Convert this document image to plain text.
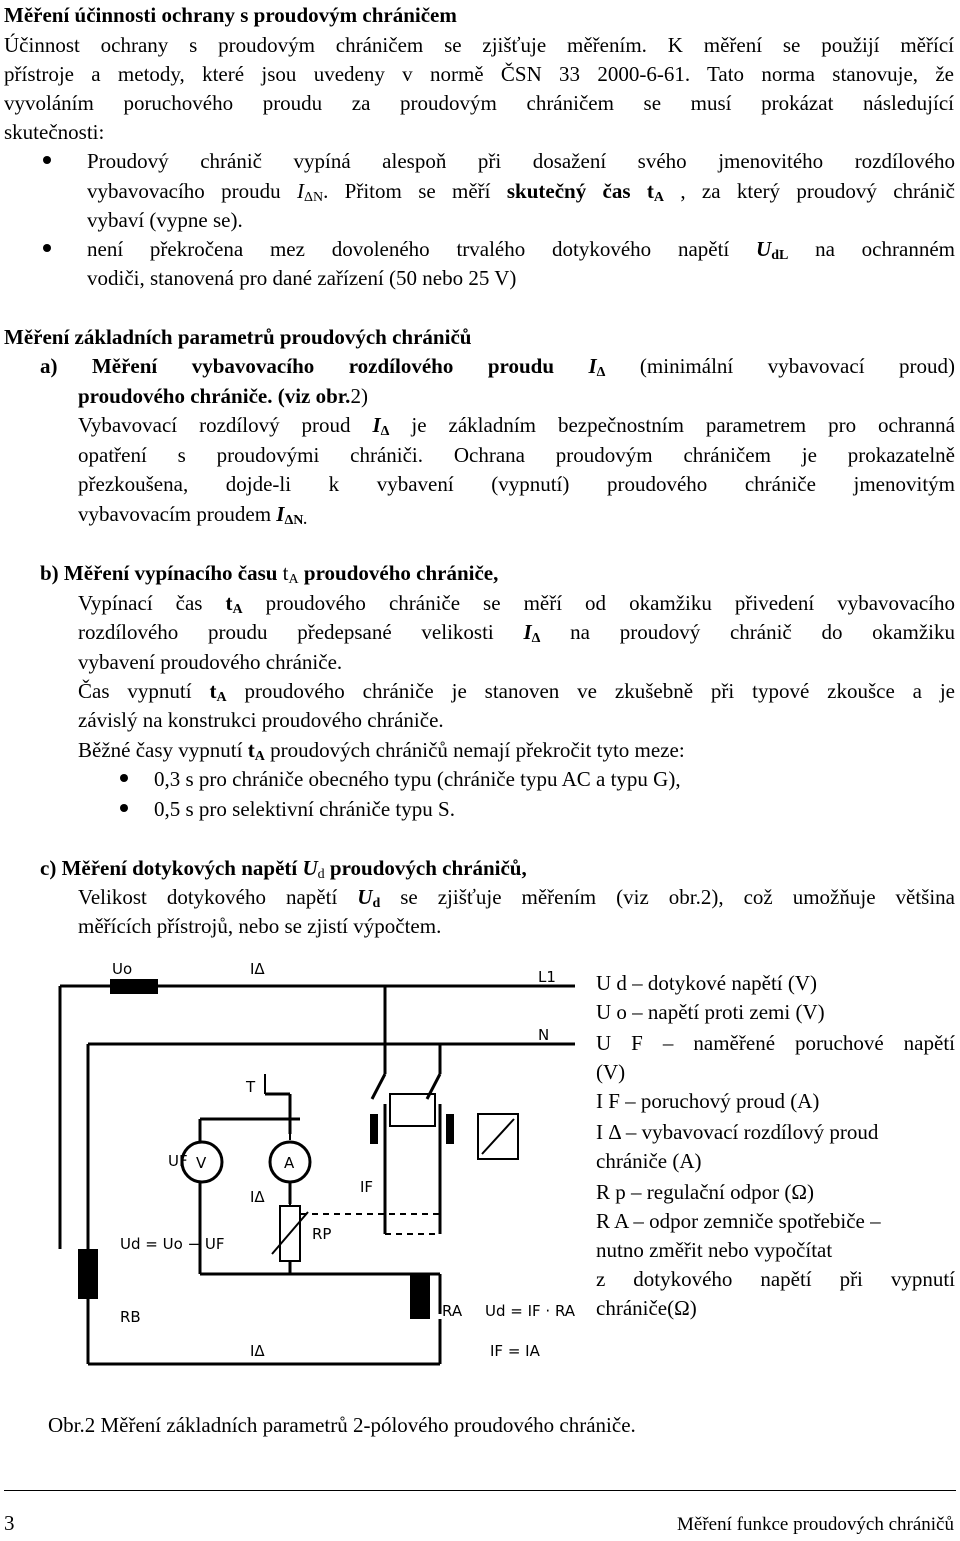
Měření účinnosti ochrany s proudovým chráničem
Účinnost ochrany s proudovým chráničem se zjišťuje měřením. K měření se použijí měřící
přístroje a metody, které jsou uvedeny v normě ČSN 33 2000-6-61. Tato norma stanovuje, že
vyvoláním poruchového proudu za proudovým chráničem se musí prokázat následující
skutečnosti:
Proudový chránič vypíná alespoň při dosažení svého jmenovitého rozdílového
vybavovacího proudu $I_{\Delta N}$. Přitom se měří skutečný čas $t_A$ , za který proudový chránič
vybaví (vypne se).
není překročena mez dovoleného trvalého dotykového napětí $U_{dL}$ na ochranném
vodiči, stanovená pro dané zařízení (50 nebo 25 V)
Měření základních parametrů proudových chráničů
a) Měření vybavovacího rozdílového proudu $I_\Delta$ (minimální vybavovací proud)
proudového chrániče. (viz obr.2)
Vybavovací rozdílový proud $I_\Delta$ je základním bezpečnostním parametrem pro ochranná
opatření s proudovými chrániči. Ochrana proudovým chráničem je prokazatelně
přezkoušena, dojde-li k vybavení (vypnutí) proudového chrániče jmenovitým
vybavovacím proudem $I_{\Delta N.}$
b) Měření vypínacího času $t_A$ proudového chrániče,
Vypínací čas $t_A$ proudového chrániče se měří od okamžiku přivedení vybavovacího
rozdílového proudu předepsané velikosti $I_\Delta$ na proudový chránič do okamžiku
vybavení proudového chrániče.
Čas vypnutí $t_A$ proudového chrániče je stanoven ve zkušebně při typové zkoušce a je
závislý na konstrukci proudového chrániče.
Běžné časy vypnutí $t_A$ proudových chráničů nemají překročit tyto meze:
0,3 s pro chrániče obecného typu (chrániče typu AC a typu G),
0,5 s pro selektivní chrániče typu S.
c) Měření dotykových napětí $U_d$ proudových chráničů,
Velikost dotykového napětí $U_d$ se zjišťuje měřením (viz obr.2), což umožňuje většina
měřících přístrojů, nebo se zjistí výpočtem.
Uo	IΔ	L1
N
T
UF V	A
IΔ
IF
Ud = Uo − UF
RP
RB	RA Ud = IF · RA
IΔ	IF = IA
U d – dotykové napětí (V)
U o – napětí proti zemi (V)
U F – naměřené poruchové napětí
(V)
I F – poruchový proud (A)
I Δ – vybavovací rozdílový proud
chrániče (A)
R p – regulační odpor (Ω)
R A – odpor zemniče spotřebiče –
nutno změřit nebo vypočítat
z dotykového napětí při vypnutí
chrániče(Ω)
Obr.2 Měření základních parametrů 2-pólového proudového chrániče.
3	Měření funkce proudových chráničů
